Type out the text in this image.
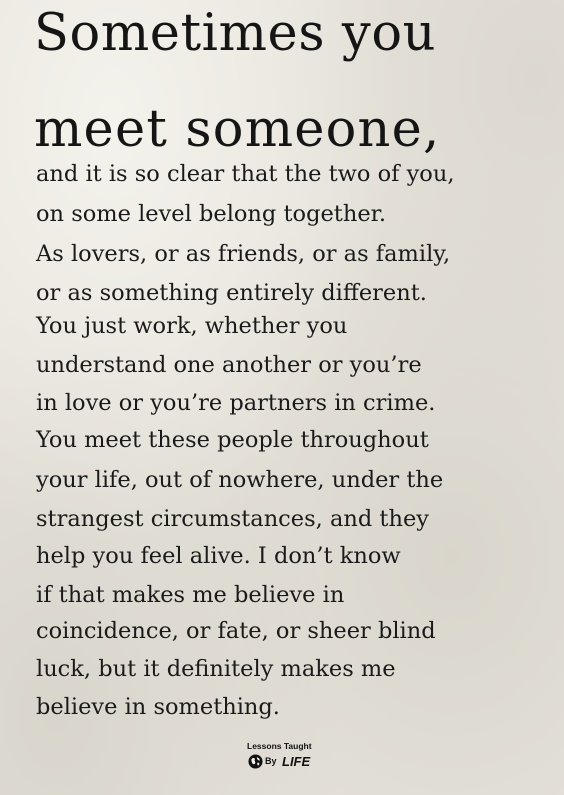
Sometimes you
meet someone,

and it is so clear that the two of you,

on some level belong together.

As lovers, or as friends, or as family,

or as something entirely different.

You just work, whether you

understand one another or you’re

in love or you’re partners in crime.

You meet these people throughout

your life, out of nowhere, under the

strangest circumstances, and they

help you feel alive. I don’t know

if that makes me believe in

coincidence, or fate, or sheer blind

luck, but it definitely makes me

believe in something.

Lessons Taught
By LIFE
